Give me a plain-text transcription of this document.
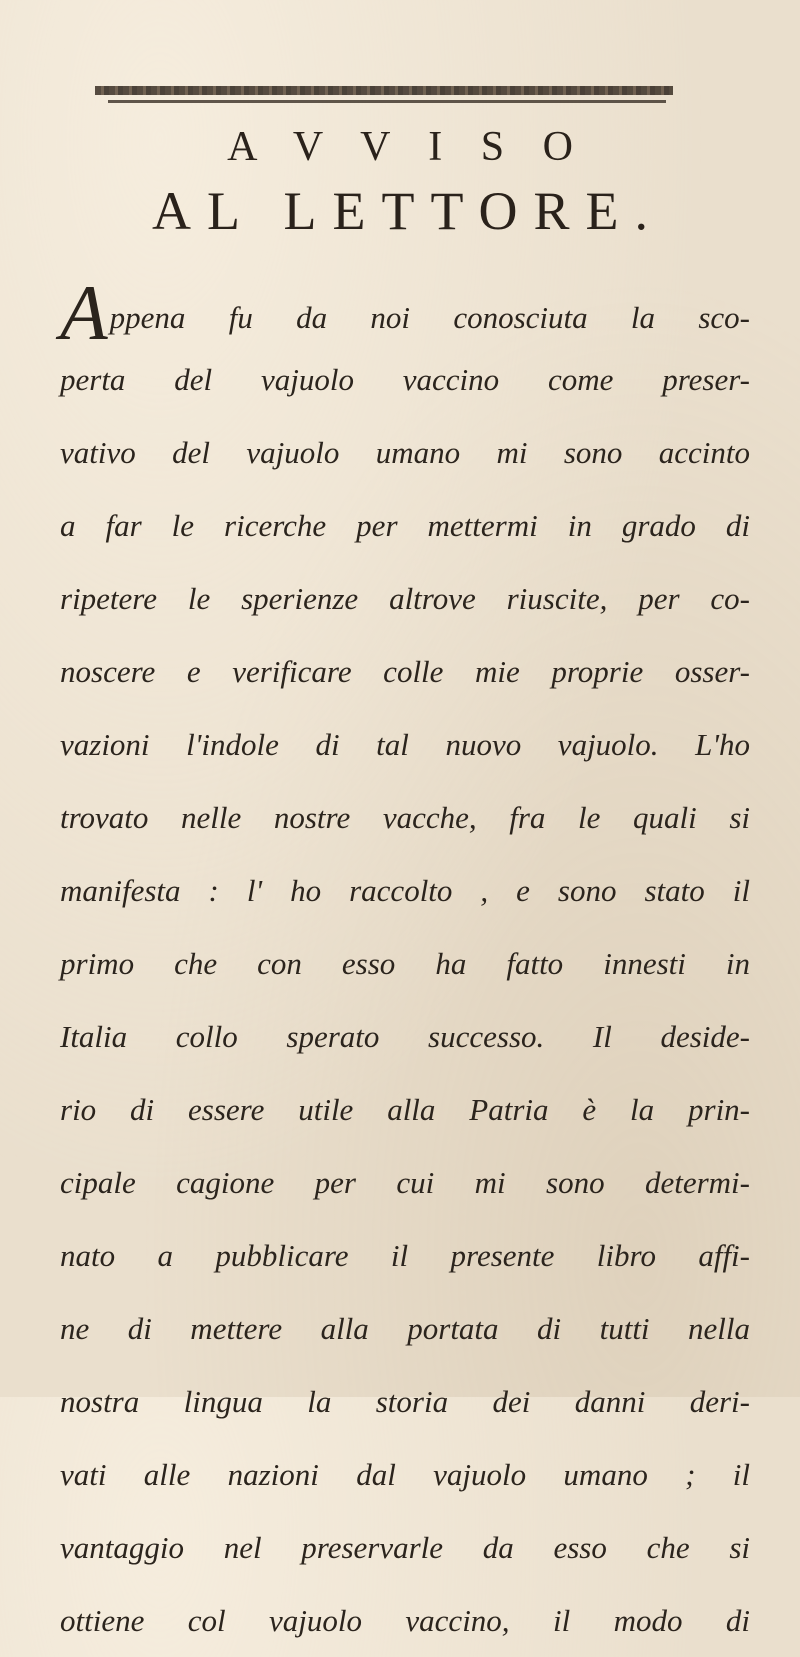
A V V I S O
AL LETTORE.
A ppena fu da noi conosciuta la sco-
perta del vajuolo vaccino come preser-
vativo del vajuolo umano mi sono accinto
a far le ricerche per mettermi in grado di
ripetere le sperienze altrove riuscite, per co-
noscere e verificare colle mie proprie osser-
vazioni l'indole di tal nuovo vajuolo. L'ho
trovato nelle nostre vacche, fra le quali si
manifesta : l' ho raccolto , e sono stato il
primo che con esso ha fatto innesti in
Italia collo sperato successo. Il deside-
rio di essere utile alla Patria è la prin-
cipale cagione per cui mi sono determi-
nato a pubblicare il presente libro affi-
ne di mettere alla portata di tutti nella
nostra lingua la storia dei danni deri-
vati alle nazioni dal vajuolo umano ; il
vantaggio nel preservarle da esso che si
ottiene col vajuolo vaccino, il modo di
